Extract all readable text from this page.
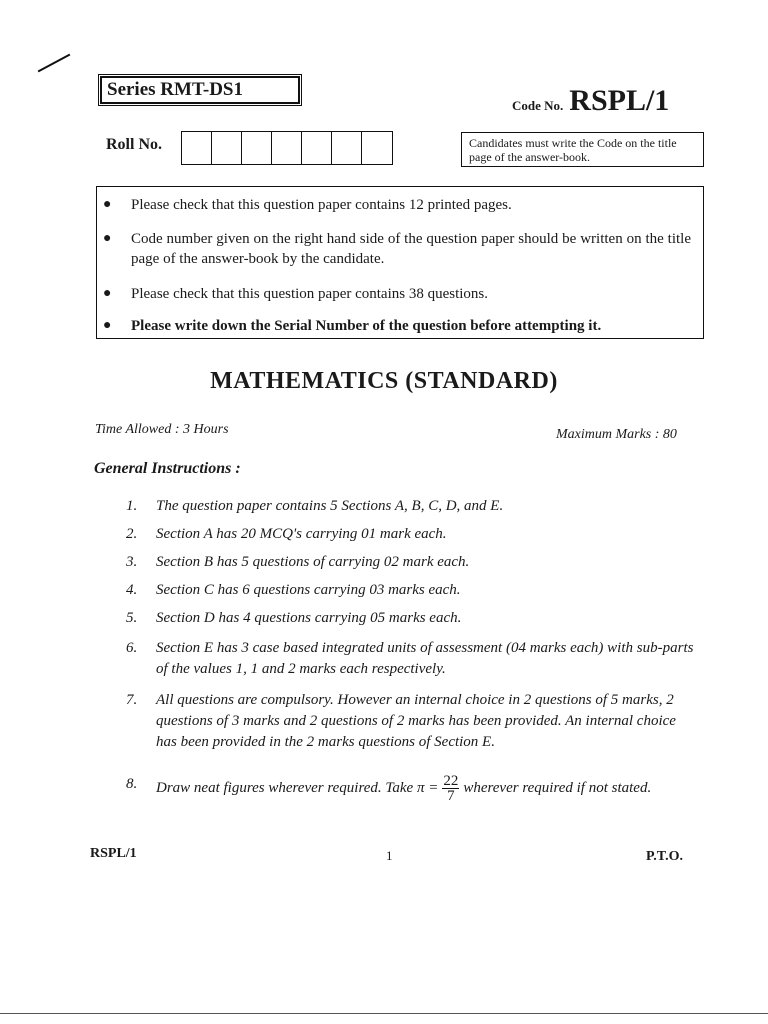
Series RMT-DS1
Code No. RSPL/1
Roll No.	Candidates must write the Code on the title page of the answer-book.
● Please check that this question paper contains 12 printed pages.
● Code number given on the right hand side of the question paper should be written on the title page of the answer-book by the candidate.
● Please check that this question paper contains 38 questions.
● Please write down the Serial Number of the question before attempting it.
MATHEMATICS (STANDARD)
Time Allowed : 3 Hours	Maximum Marks : 80
General Instructions :
1. The question paper contains 5 Sections A, B, C, D, and E.
2. Section A has 20 MCQ's carrying 01 mark each.
3. Section B has 5 questions of carrying 02 mark each.
4. Section C has 6 questions carrying 03 marks each.
5. Section D has 4 questions carrying 05 marks each.
6. Section E has 3 case based integrated units of assessment (04 marks each) with sub-parts of the values 1, 1 and 2 marks each respectively.
7. All questions are compulsory. However an internal choice in 2 questions of 5 marks, 2 questions of 3 marks and 2 questions of 2 marks has been provided. An internal choice has been provided in the 2 marks questions of Section E.
8. Draw neat figures wherever required. Take $\pi = \frac{22}{7}$ wherever required if not stated.
RSPL/1	1	P.T.O.
